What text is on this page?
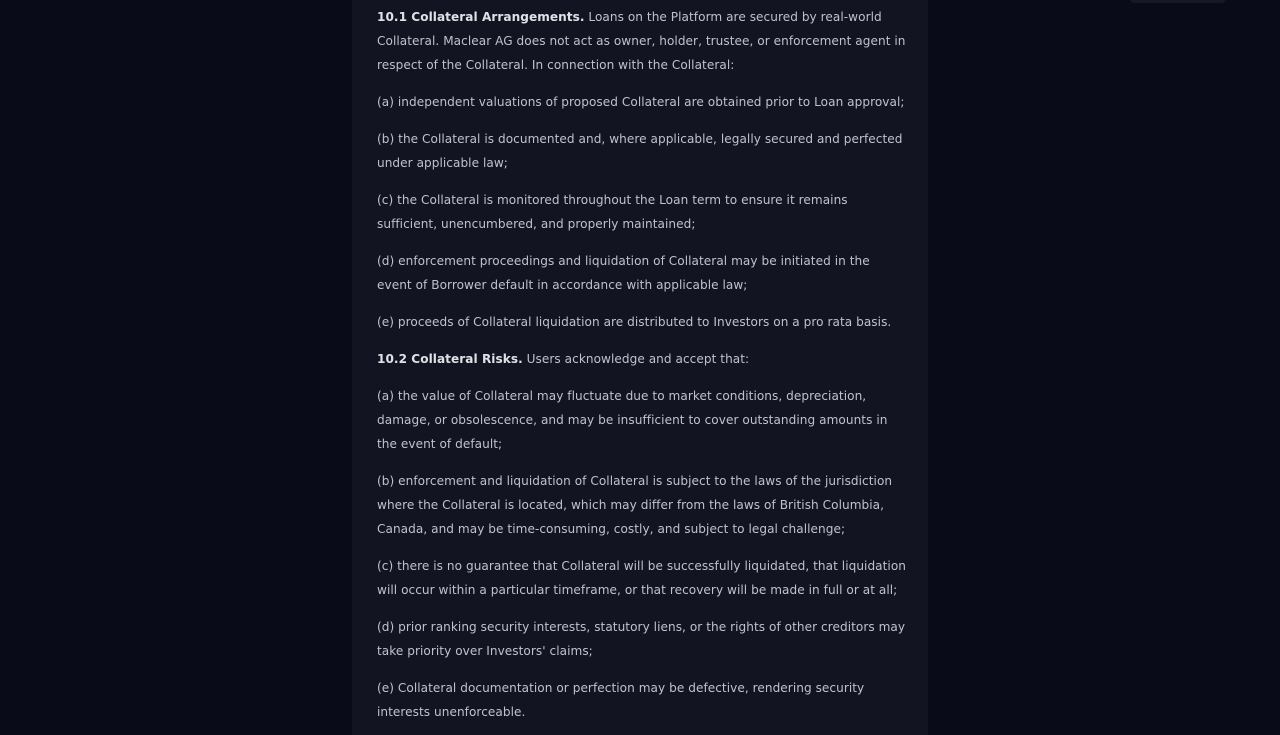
10.1 Collateral Arrangements. Loans on the Platform are secured by real-world Collateral. Maclear AG does not act as owner, holder, trustee, or enforcement agent in respect of the Collateral. In connection with the Collateral:

(a) independent valuations of proposed Collateral are obtained prior to Loan approval;

(b) the Collateral is documented and, where applicable, legally secured and perfected under applicable law;

(c) the Collateral is monitored throughout the Loan term to ensure it remains sufficient, unencumbered, and properly maintained;

(d) enforcement proceedings and liquidation of Collateral may be initiated in the event of Borrower default in accordance with applicable law;

(e) proceeds of Collateral liquidation are distributed to Investors on a pro rata basis.

10.2 Collateral Risks. Users acknowledge and accept that:

(a) the value of Collateral may fluctuate due to market conditions, depreciation, damage, or obsolescence, and may be insufficient to cover outstanding amounts in the event of default;

(b) enforcement and liquidation of Collateral is subject to the laws of the jurisdiction where the Collateral is located, which may differ from the laws of British Columbia, Canada, and may be time-consuming, costly, and subject to legal challenge;

(c) there is no guarantee that Collateral will be successfully liquidated, that liquidation will occur within a particular timeframe, or that recovery will be made in full or at all;

(d) prior ranking security interests, statutory liens, or the rights of other creditors may take priority over Investors' claims;

(e) Collateral documentation or perfection may be defective, rendering security interests unenforceable.
